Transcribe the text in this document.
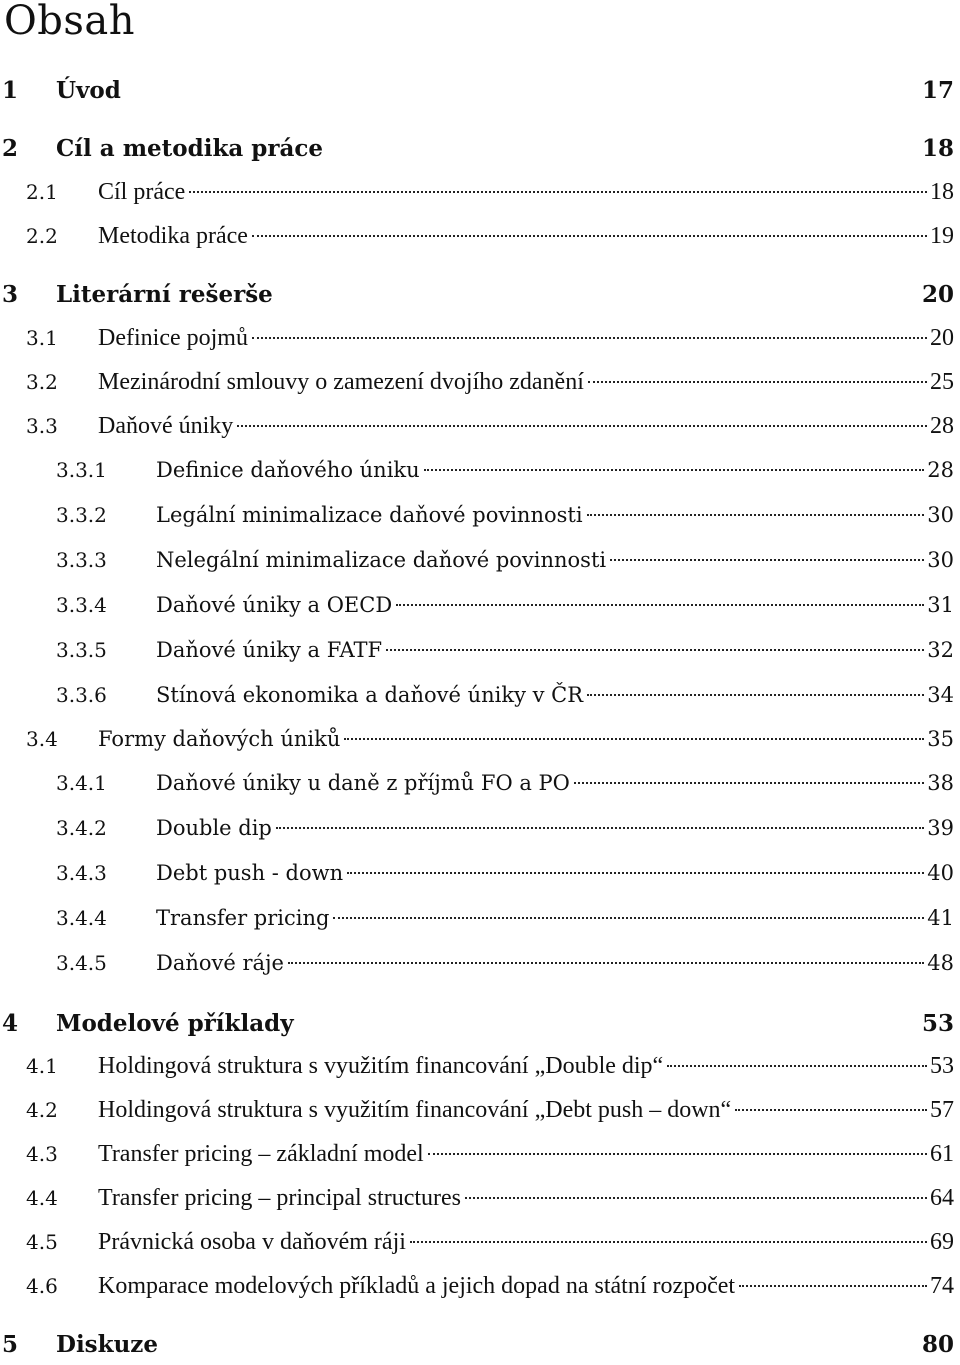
Obsah
1	Úvod	17
2	Cíl a metodika práce	18
2.1	Cíl práce	18
2.2	Metodika práce	19
3	Literární rešerše	20
3.1	Definice pojmů	20
3.2	Mezinárodní smlouvy o zamezení dvojího zdanění	25
3.3	Daňové úniky	28
3.3.1	Definice daňového úniku	28
3.3.2	Legální minimalizace daňové povinnosti	30
3.3.3	Nelegální minimalizace daňové povinnosti	30
3.3.4	Daňové úniky a OECD	31
3.3.5	Daňové úniky a FATF	32
3.3.6	Stínová ekonomika a daňové úniky v ČR	34
3.4	Formy daňových úniků	35
3.4.1	Daňové úniky u daně z příjmů FO a PO	38
3.4.2	Double dip	39
3.4.3	Debt push - down	40
3.4.4	Transfer pricing	41
3.4.5	Daňové ráje	48
4	Modelové příklady	53
4.1	Holdingová struktura s využitím financování „Double dip“	53
4.2	Holdingová struktura s využitím financování „Debt push – down“	57
4.3	Transfer pricing – základní model	61
4.4	Transfer pricing – principal structures	64
4.5	Právnická osoba v daňovém ráji	69
4.6	Komparace modelových příkladů a jejich dopad na státní rozpočet	74
5	Diskuze	80
